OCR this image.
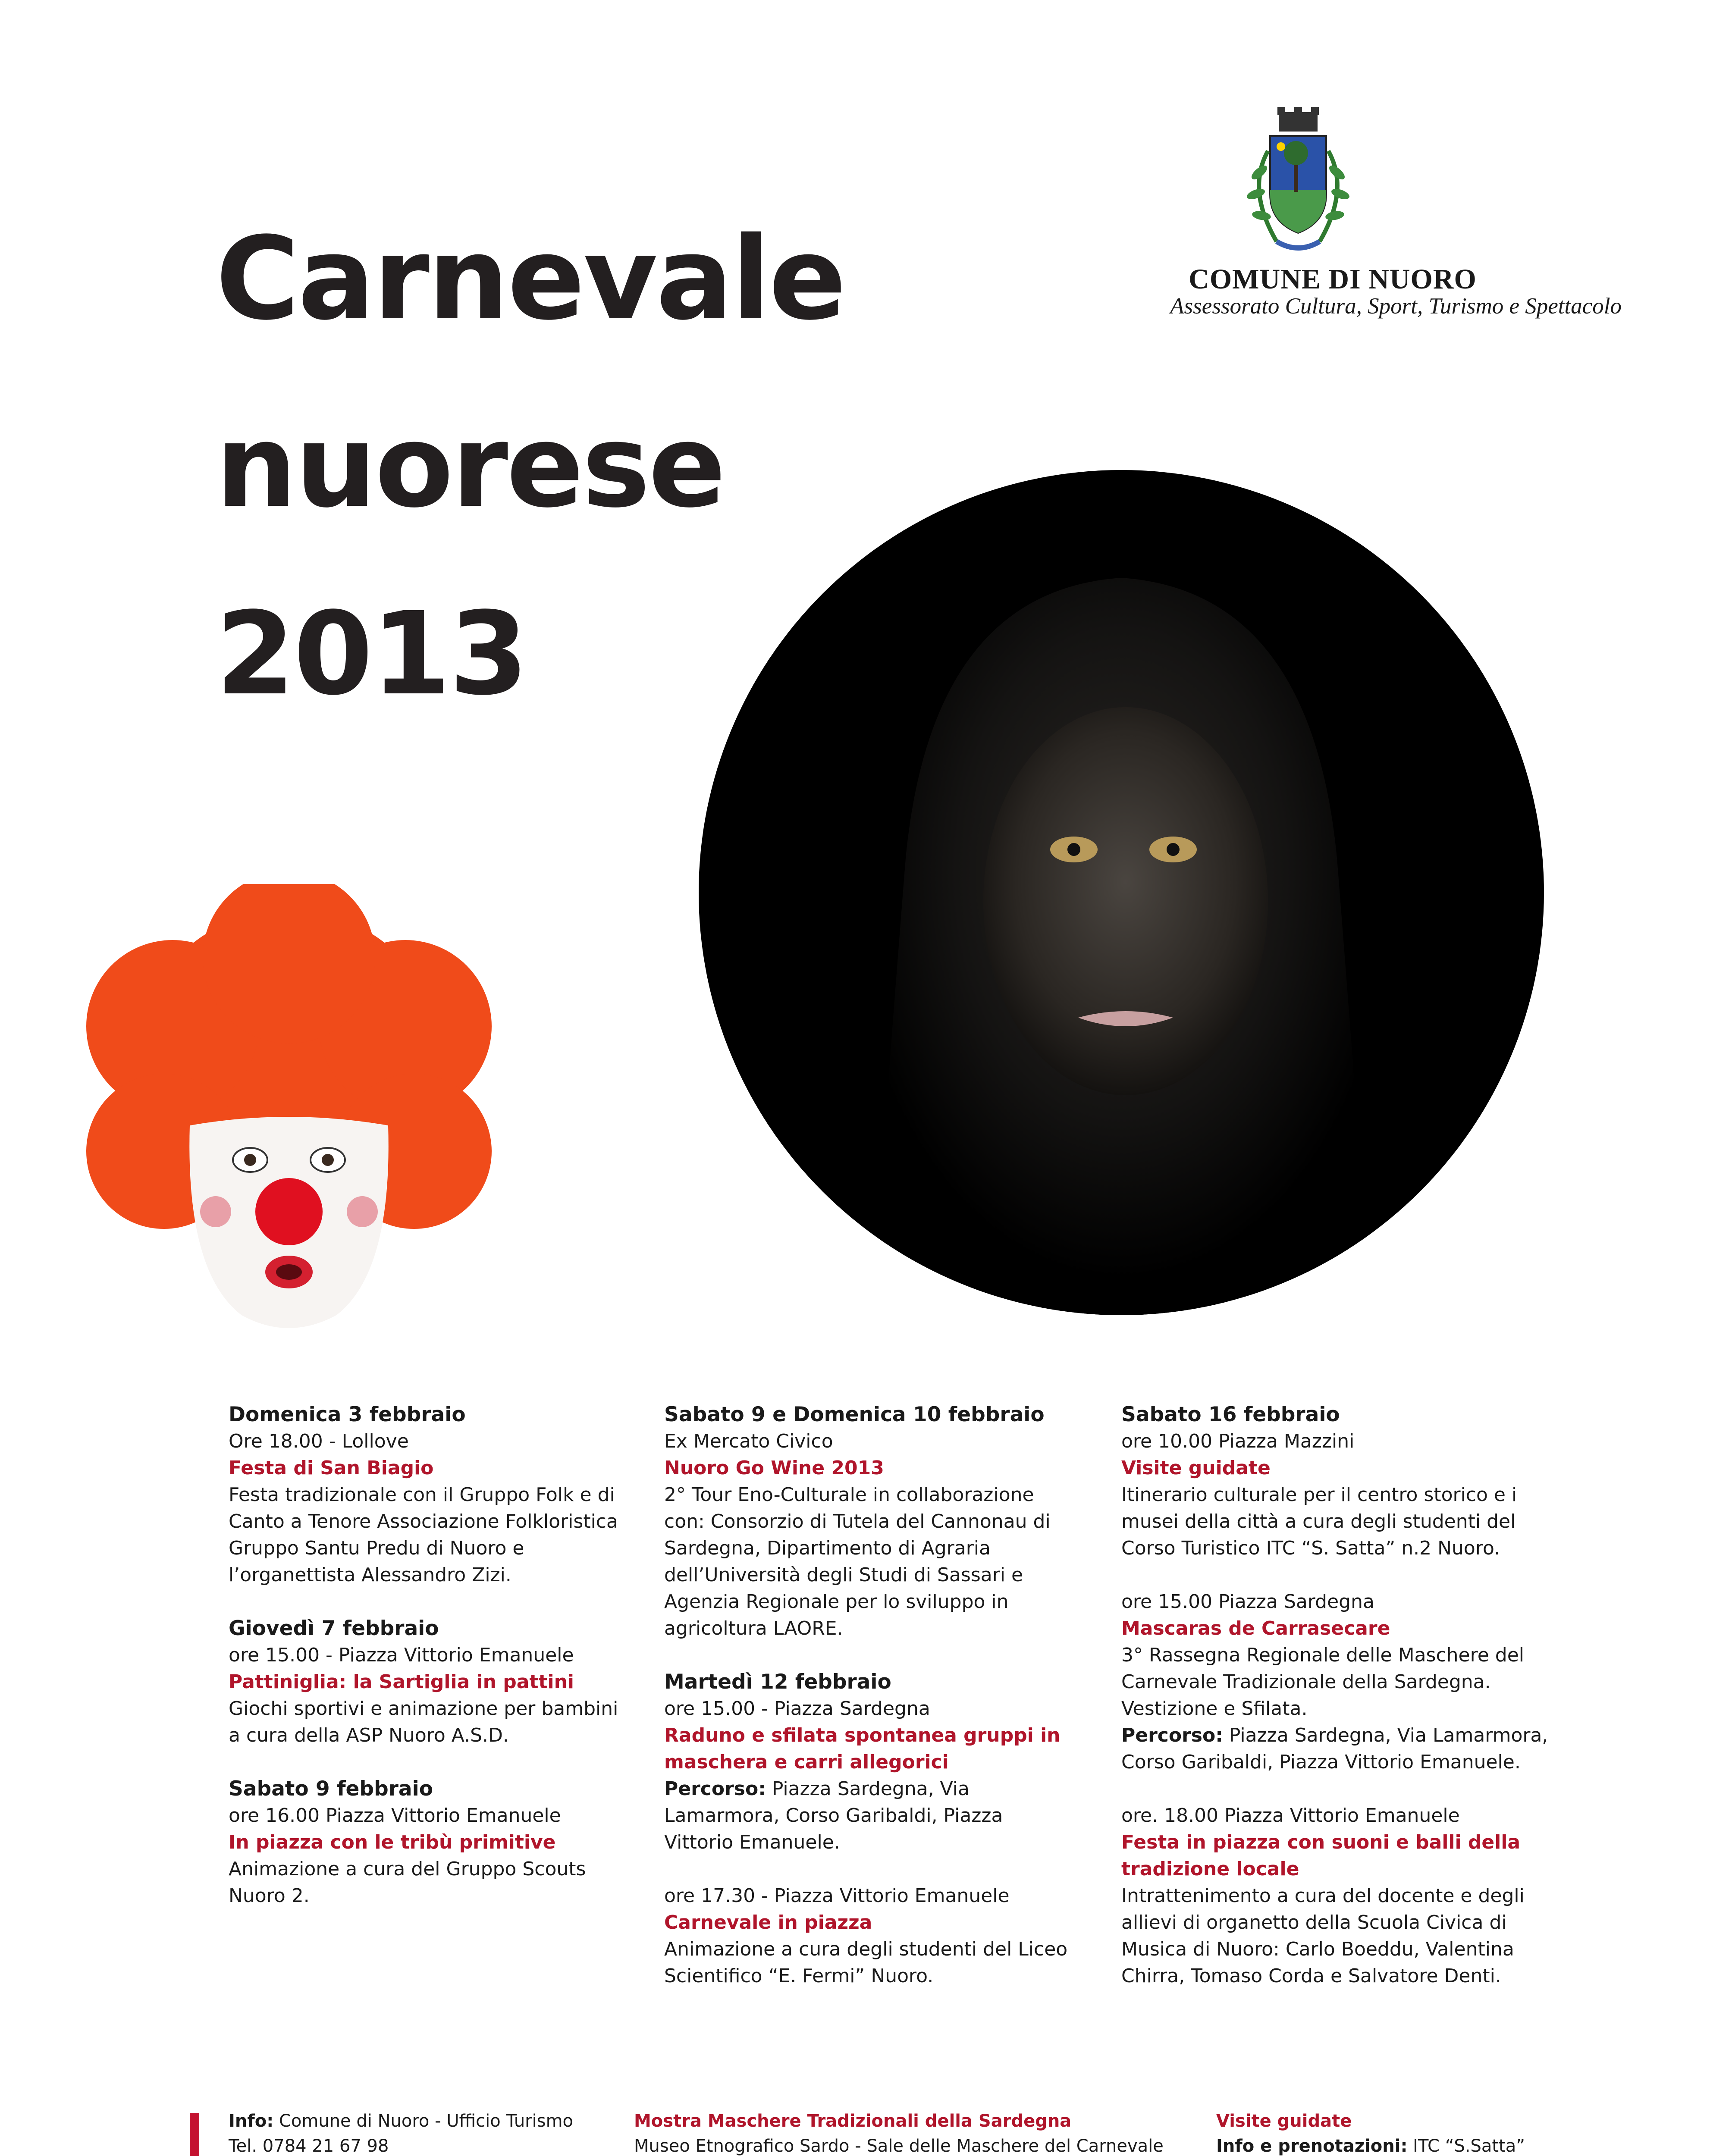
Carnevale
nuorese
2013

COMUNE DI NUORO

Assessorato Cultura, Sport, Turismo e Spettacolo

Domenica 3 febbraio

Ore 18.00 - Lollove

Festa di San Biagio

Festa tradizionale con il Gruppo Folk e di Canto a Tenore Associazione Folkloristica Gruppo Santu Predu di Nuoro e l’organettista Alessandro Zizi.

Giovedì 7 febbraio

ore 15.00 - Piazza Vittorio Emanuele

Pattiniglia: la Sartiglia in pattini

Giochi sportivi e animazione per bambini a cura della ASP Nuoro A.S.D.

Sabato 9 febbraio

ore 16.00 Piazza Vittorio Emanuele

In piazza con le tribù primitive

Animazione a cura del Gruppo Scouts Nuoro 2.

Sabato 9 e Domenica 10 febbraio

Ex Mercato Civico

Nuoro Go Wine 2013

2° Tour Eno-Culturale in collaborazione con: Consorzio di Tutela del Cannonau di Sardegna, Dipartimento di Agraria dell’Università degli Studi di Sassari e Agenzia Regionale per lo sviluppo in agricoltura LAORE.

Martedì 12 febbraio

ore 15.00 - Piazza Sardegna

Raduno e sfilata spontanea gruppi in maschera e carri allegorici

Percorso: Piazza Sardegna, Via Lamarmora, Corso Garibaldi, Piazza Vittorio Emanuele.

ore 17.30 - Piazza Vittorio Emanuele

Carnevale in piazza

Animazione a cura degli studenti del Liceo Scientifico “E. Fermi” Nuoro.

Sabato 16 febbraio

ore 10.00 Piazza Mazzini

Visite guidate

Itinerario culturale per il centro storico e i musei della città a cura degli studenti del Corso Turistico ITC “S. Satta” n.2 Nuoro.

ore 15.00 Piazza Sardegna

Mascaras de Carrasecare

3° Rassegna Regionale delle Maschere del Carnevale Tradizionale della Sardegna. Vestizione e Sfilata.

Percorso: Piazza Sardegna, Via Lamarmora, Corso Garibaldi, Piazza Vittorio Emanuele.

ore. 18.00 Piazza Vittorio Emanuele

Festa in piazza con suoni e balli della tradizione locale

Intrattenimento a cura del docente e degli allievi di organetto della Scuola Civica di Musica di Nuoro: Carlo Boeddu, Valentina Chirra, Tomaso Corda e Salvatore Denti.

Info: Comune di Nuoro - Ufficio Turismo

Tel. 0784 21 67 98

Mostra Maschere Tradizionali della Sardegna

Museo Etnografico Sardo - Sale delle Maschere del Carnevale

Visite guidate

Info e prenotazioni: ITC “S.Satta”
